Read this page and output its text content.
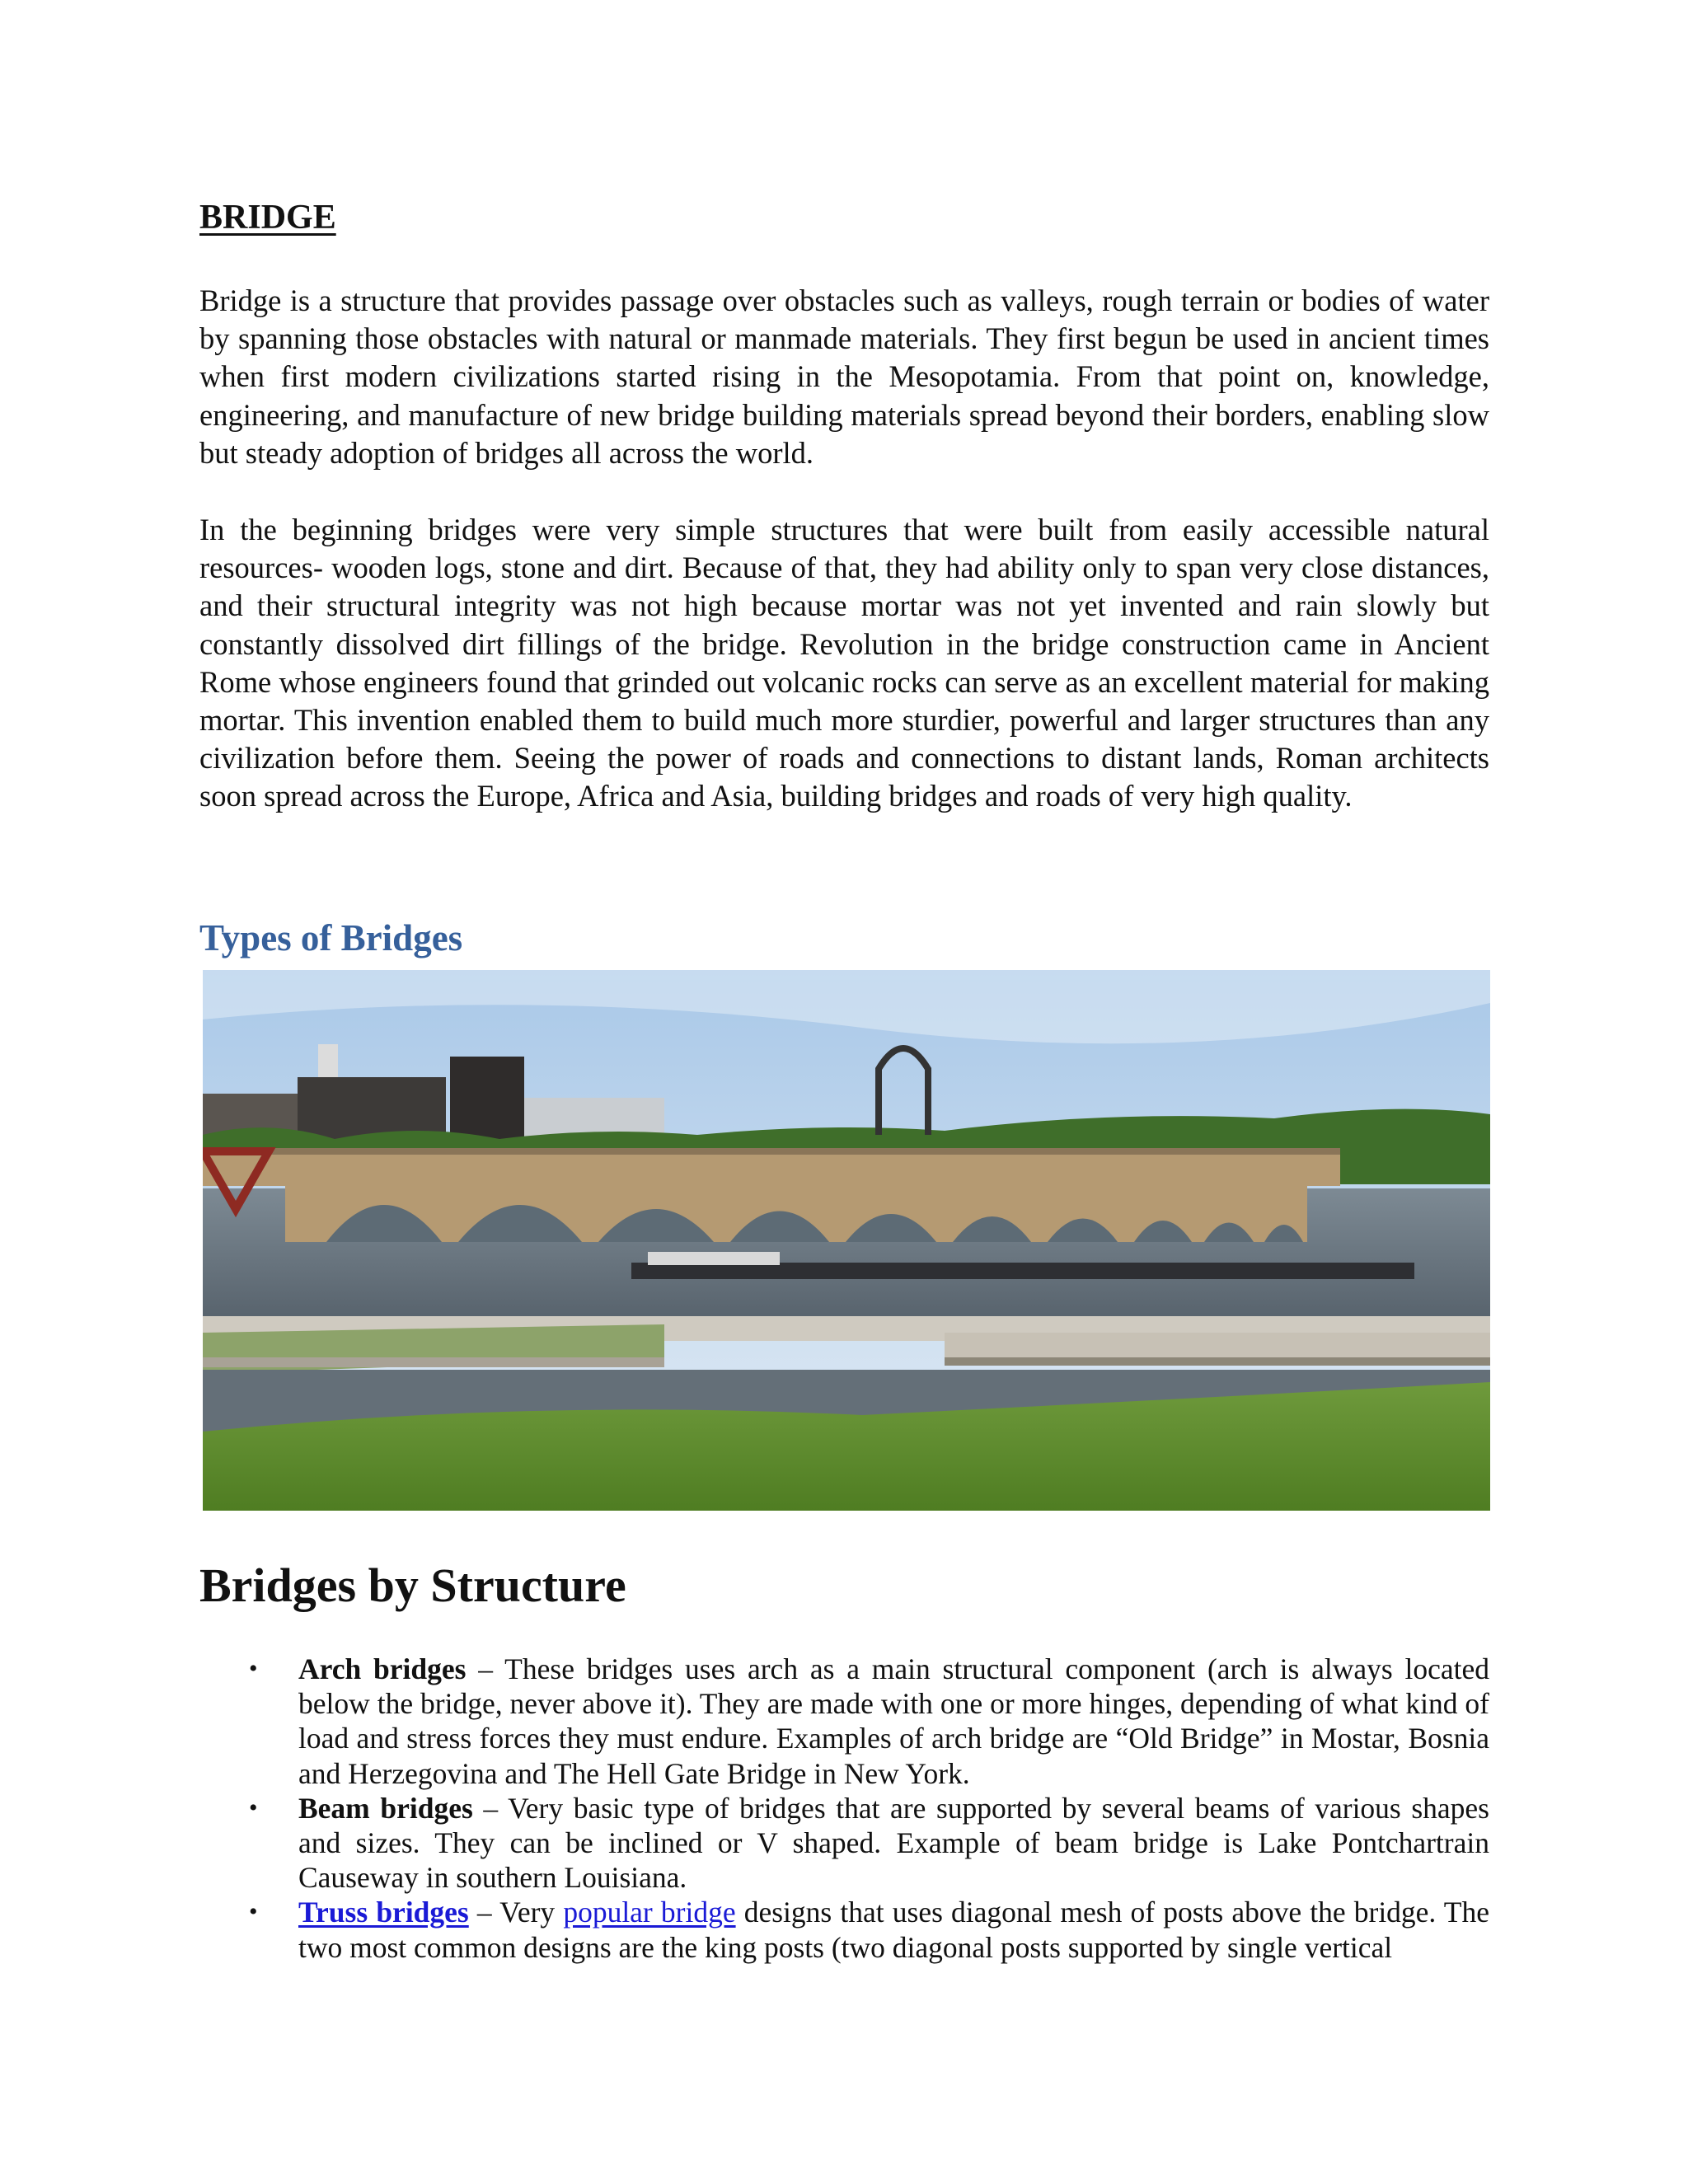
BRIDGE

Bridge is a structure that provides passage over obstacles such as valleys, rough terrain or bodies of water by spanning those obstacles with natural or manmade materials. They first begun be used in ancient times when first modern civilizations started rising in the Mesopotamia. From that point on, knowledge, engineering, and manufacture of new bridge building materials spread beyond their borders, enabling slow but steady adoption of bridges all across the world.

In the beginning bridges were very simple structures that were built from easily accessible natural resources- wooden logs, stone and dirt. Because of that, they had ability only to span very close distances, and their structural integrity was not high because mortar was not yet invented and rain slowly but constantly dissolved dirt fillings of the bridge. Revolution in the bridge construction came in Ancient Rome whose engineers found that grinded out volcanic rocks can serve as an excellent material for making mortar. This invention enabled them to build much more sturdier, powerful and larger structures than any civilization before them. Seeing the power of roads and connections to distant lands, Roman architects soon spread across the Europe, Africa and Asia, building bridges and roads of very high quality.

Types of Bridges
Bridges by Structure
• Arch bridges – These bridges uses arch as a main structural component (arch is always located below the bridge, never above it). They are made with one or more hinges, depending of what kind of load and stress forces they must endure. Examples of arch bridge are “Old Bridge” in Mostar, Bosnia and Herzegovina and The Hell Gate Bridge in New York.
• Beam bridges – Very basic type of bridges that are supported by several beams of various shapes and sizes. They can be inclined or V shaped. Example of beam bridge is Lake Pontchartrain Causeway in southern Louisiana.
• Truss bridges – Very popular bridge designs that uses diagonal mesh of posts above the bridge. The two most common designs are the king posts (two diagonal posts supported by single vertical
